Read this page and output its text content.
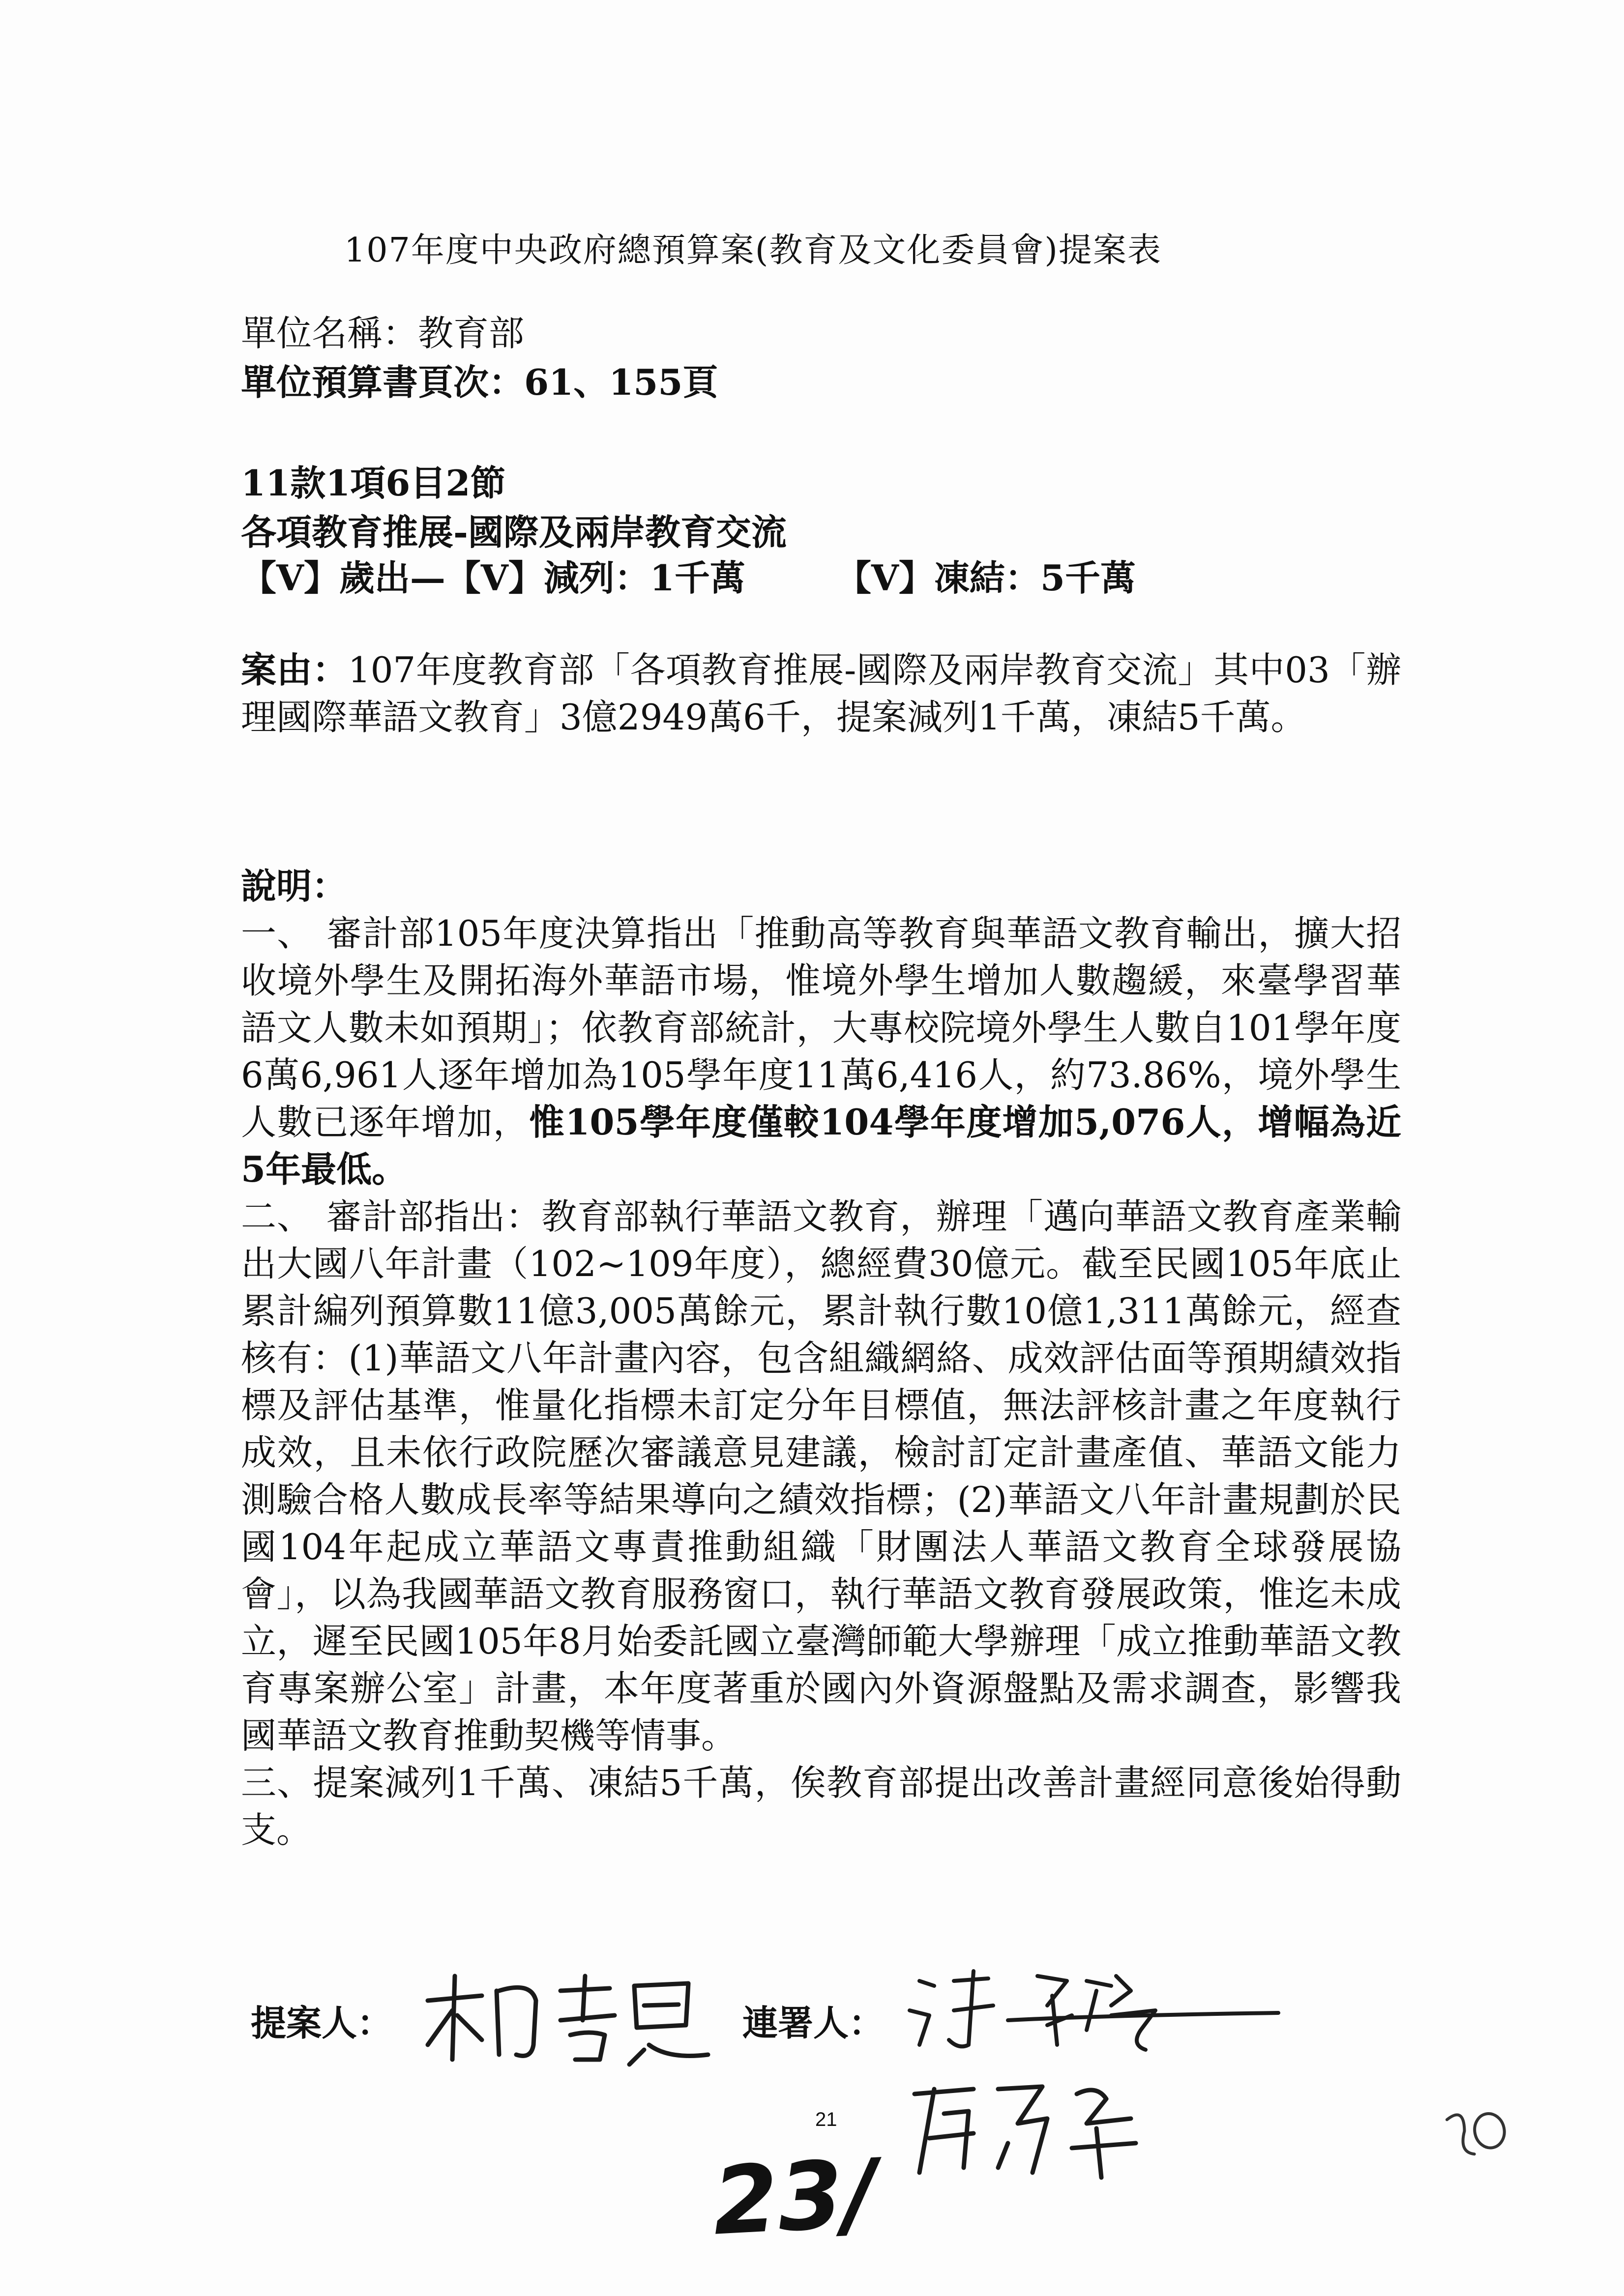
107年度中央政府總預算案(教育及文化委員會)提案表
單位名稱：教育部
單位預算書頁次：61、155頁
11款1項6目2節
各項教育推展-國際及兩岸教育交流
【V】歲出—【V】減列：1千萬	【V】凍結：5千萬

案由：107年度教育部「各項教育推展-國際及兩岸教育交流」其中03「辦理國際華語文教育」3億2949萬6千，提案減列1千萬，凍結5千萬。

說明：

一、 審計部105年度決算指出「推動高等教育與華語文教育輸出，擴大招收境外學生及開拓海外華語市場，惟境外學生增加人數趨緩，來臺學習華語文人數未如預期」；依教育部統計，大專校院境外學生人數自101學年度6萬6,961人逐年增加為105學年度11萬6,416人，約73.86%，境外學生人數已逐年增加，惟105學年度僅較104學年度增加5,076人，增幅為近5年最低。

二、 審計部指出：教育部執行華語文教育，辦理「邁向華語文教育產業輸出大國八年計畫（102~109年度），總經費30億元。截至民國105年底止累計編列預算數11億3,005萬餘元，累計執行數10億1,311萬餘元，經查核有：(1)華語文八年計畫內容，包含組織網絡、成效評估面等預期績效指標及評估基準，惟量化指標未訂定分年目標值，無法評核計畫之年度執行成效，且未依行政院歷次審議意見建議，檢討訂定計畫產值、華語文能力測驗合格人數成長率等結果導向之績效指標；(2)華語文八年計畫規劃於民國104年起成立華語文專責推動組織「財團法人華語文教育全球發展協會」，以為我國華語文教育服務窗口，執行華語文教育發展政策，惟迄未成立，遲至民國105年8月始委託國立臺灣師範大學辦理「成立推動華語文教育專案辦公室」計畫，本年度著重於國內外資源盤點及需求調查，影響我國華語文教育推動契機等情事。

三、提案減列1千萬、凍結5千萬，俟教育部提出改善計畫經同意後始得動支。

提案人：	連署人：
21
23/
